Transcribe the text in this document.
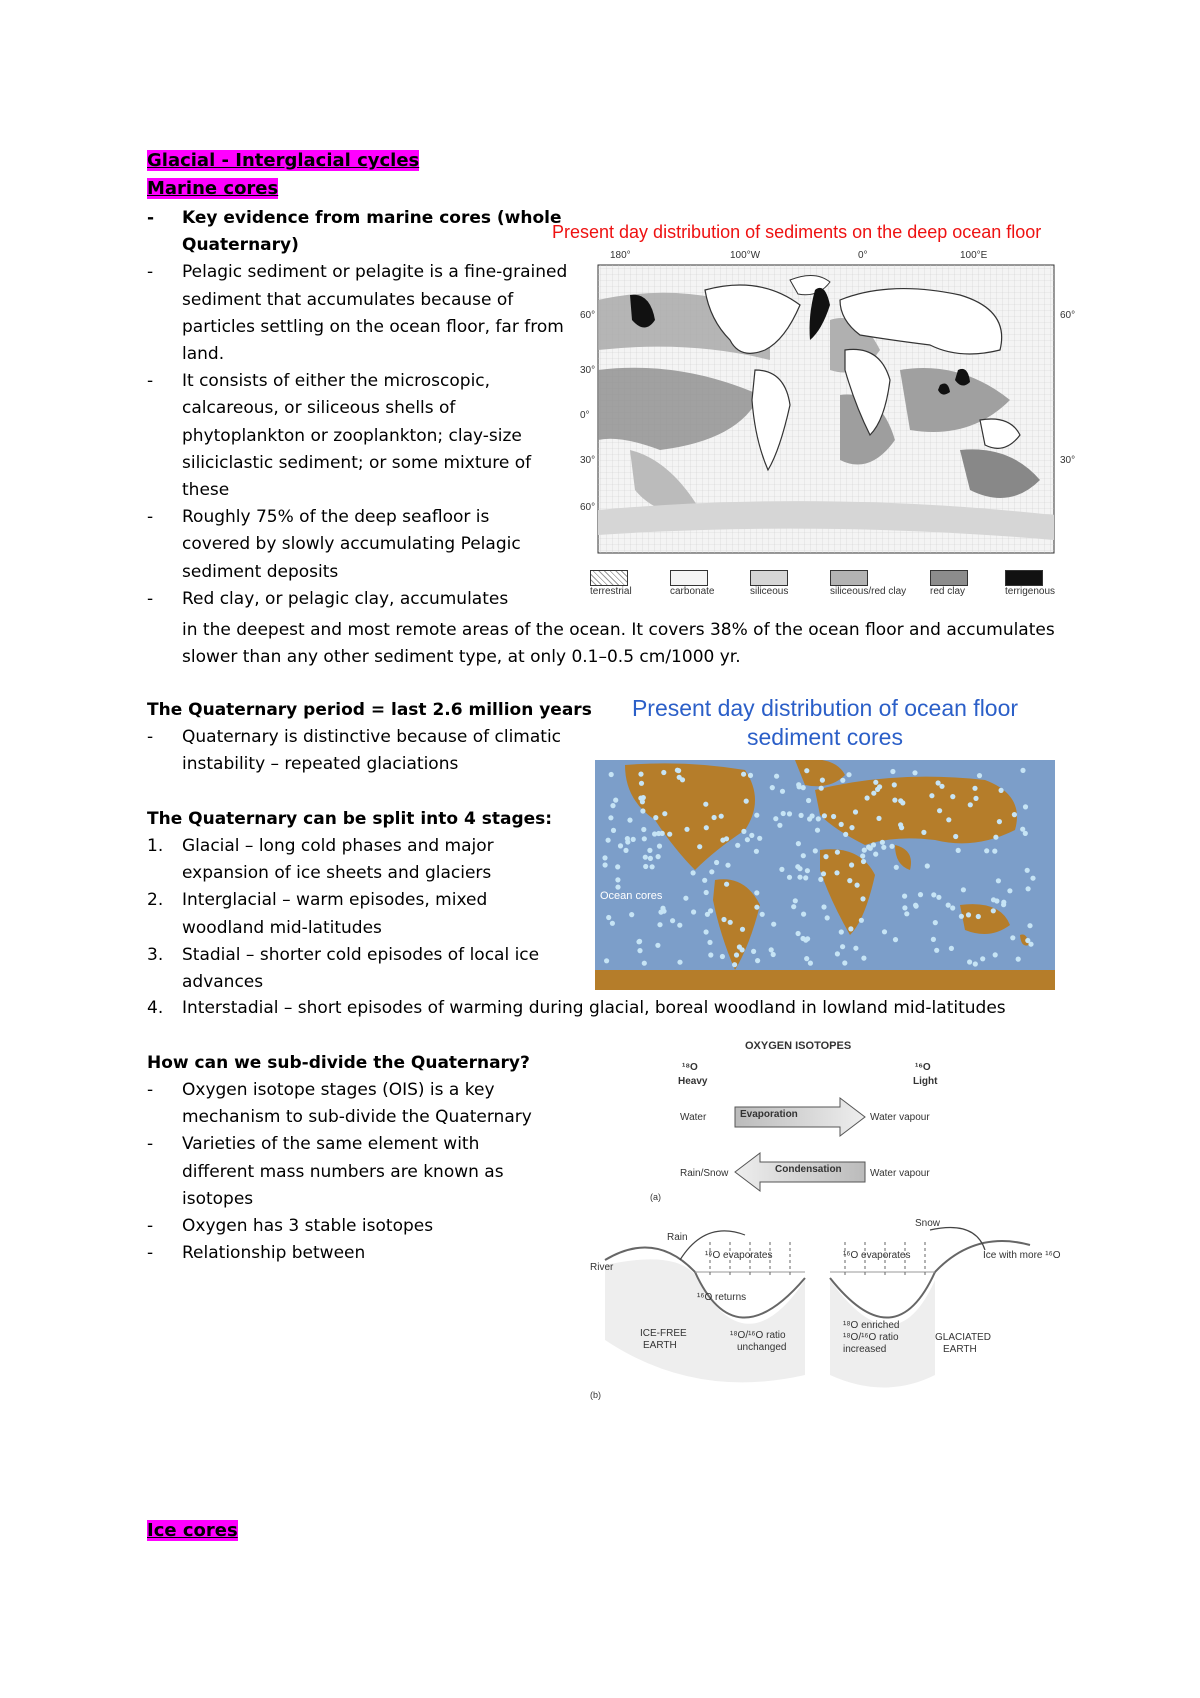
Glacial - Interglacial cycles
Marine cores
- Key evidence from marine cores (whole Quaternary)
- Pelagic sediment or pelagite is a fine-grained sediment that accumulates because of particles settling on the ocean floor, far from land.
- It consists of either the microscopic, calcareous, or siliceous shells of phytoplankton or zooplankton; clay-size siliciclastic sediment; or some mixture of these
- Roughly 75% of the deep seafloor is covered by slowly accumulating Pelagic sediment deposits
- Red clay, or pelagic clay, accumulates
in the deepest and most remote areas of the ocean. It covers 38% of the ocean floor and accumulates slower than any other sediment type, at only 0.1–0.5 cm/1000 yr.
The Quaternary period = last 2.6 million years
- Quaternary is distinctive because of climatic instability – repeated glaciations
The Quaternary can be split into 4 stages:
1. Glacial – long cold phases and major expansion of ice sheets and glaciers
2. Interglacial – warm episodes, mixed woodland mid-latitudes
3. Stadial – shorter cold episodes of local ice advances
4. Interstadial – short episodes of warming during glacial, boreal woodland in lowland mid-latitudes
How can we sub-divide the Quaternary?
- Oxygen isotope stages (OIS) is a key mechanism to sub-divide the Quaternary
- Varieties of the same element with different mass numbers are known as isotopes
- Oxygen has 3 stable isotopes
- Relationship between
Ice cores
Present day distribution of sediments on the deep ocean floor
180°	100°W	0°	100°E
60°
30°
0°
30°
60°
60°
30°
terrestrial	carbonate	siliceous	siliceous/red clay red clay	terrigenous
Present day distribution of ocean floor sediment cores
Ocean cores
OXYGEN ISOTOPES
¹⁸O
Heavy
¹⁶O
Light
Water	Water vapour
Rain/Snow	Water vapour
Evaporation
Condensation
(a)
Rain
River
¹⁶O evaporates
¹⁶O returns
ICE-FREE
EARTH
¹⁸O/¹⁶O ratio
unchanged
Snow
¹⁶O evaporates	Ice with more ¹⁶O
¹⁸O enriched
¹⁸O/¹⁶O ratio
increased
GLACIATED
EARTH
(b)
